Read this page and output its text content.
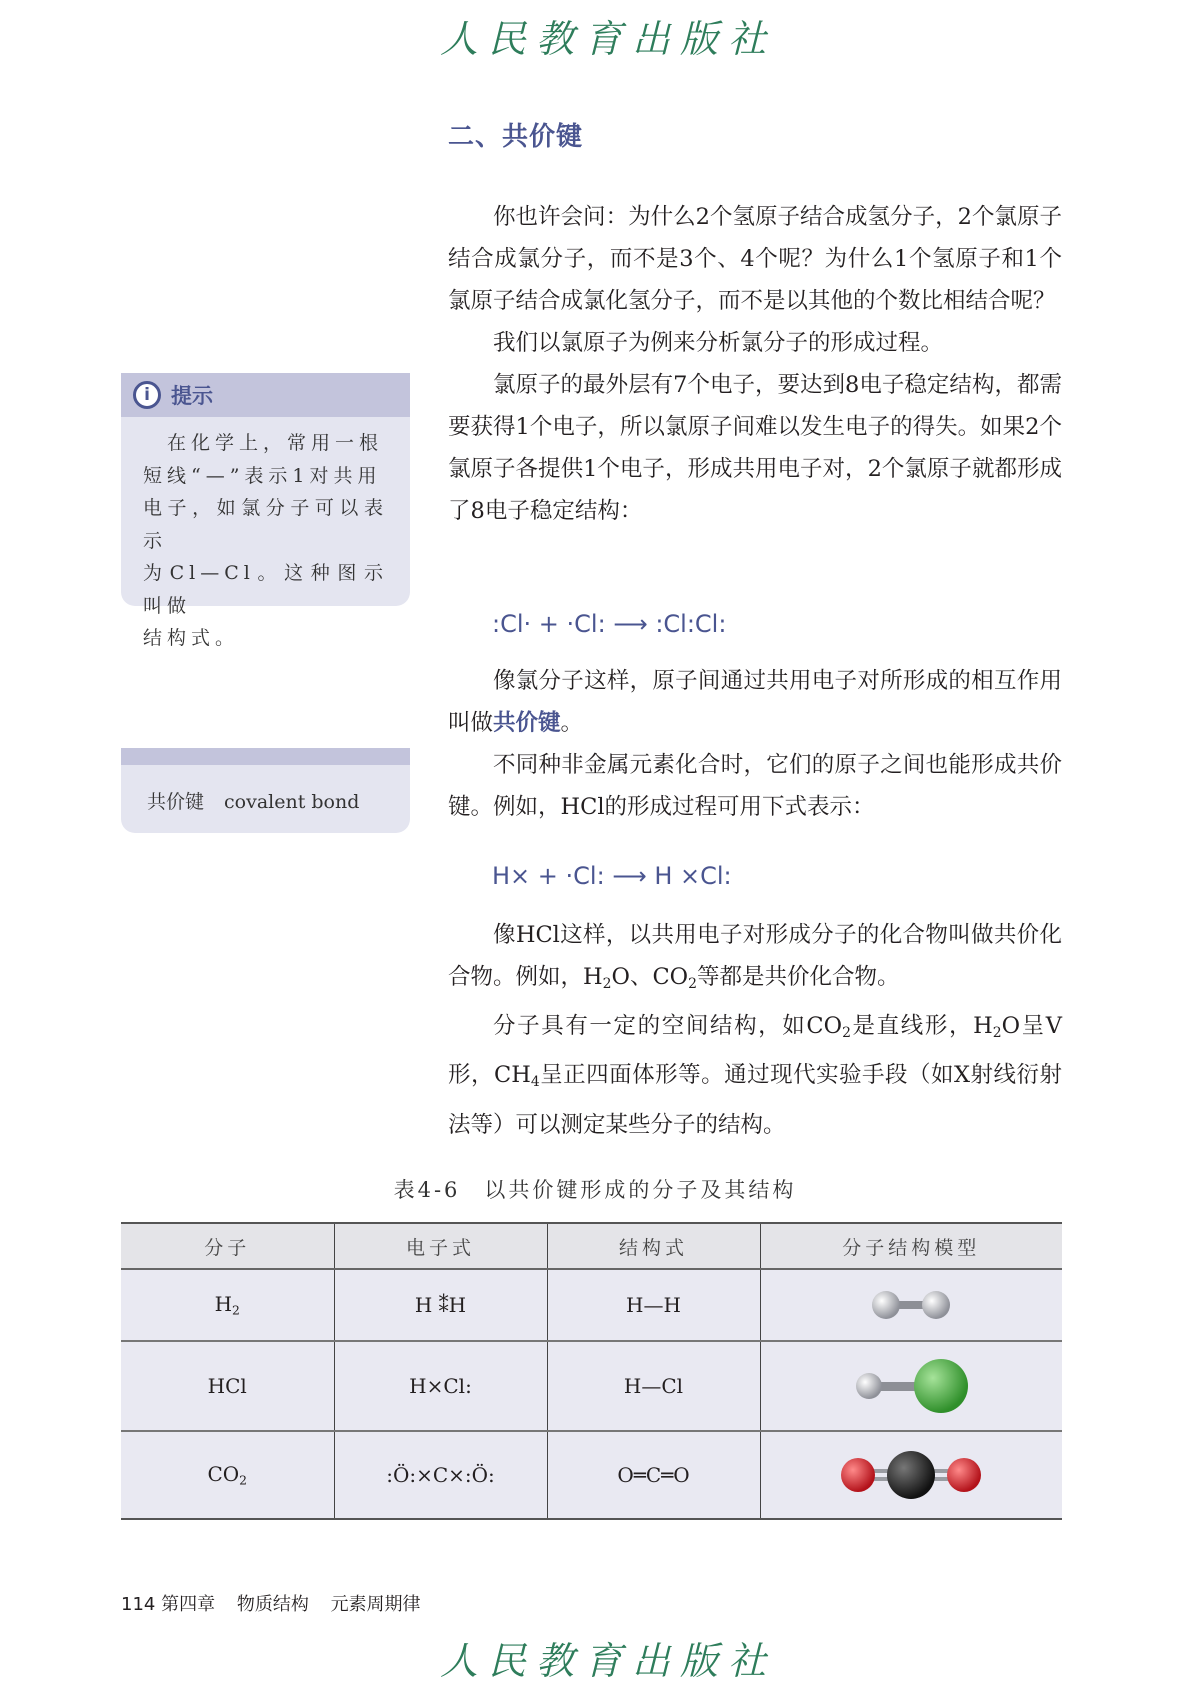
人民教育出版社
二、共价键

你也许会问：为什么2个氢原子结合成氢分子，2个氯原子结合成氯分子，而不是3个、4个呢？为什么1个氢原子和1个氯原子结合成氯化氢分子，而不是以其他的个数比相结合呢？

我们以氯原子为例来分析氯分子的形成过程。

氯原子的最外层有7个电子，要达到8电子稳定结构，都需要获得1个电子，所以氯原子间难以发生电子的得失。如果2个氯原子各提供1个电子，形成共用电子对，2个氯原子就都形成了8电子稳定结构：

:Cl· + ·Cl: ⟶ :Cl:Cl:

像氯分子这样，原子间通过共用电子对所形成的相互作用叫做共价键。

不同种非金属元素化合时，它们的原子之间也能形成共价键。例如，HCl的形成过程可用下式表示：

H× + ·Cl: ⟶ H ×Cl:

像HCl这样，以共用电子对形成分子的化合物叫做共价化合物。例如，$H_2O$、$CO_2$等都是共价化合物。

分子具有一定的空间结构，如$CO_2$是直线形，$H_2O$呈V形，$CH_4$呈正四面体形等。通过现代实验手段（如X射线衍射法等）可以测定某些分子的结构。

i	提示
　在化学上，常用一根
短线“—”表示1对共用
电子，如氯分子可以表示
为Cl—Cl。这种图示叫做
结构式。
共价键 covalent bond
表4-6　以共价键形成的分子及其结构
分子	电子式	结构式	分子结构模型
$H_2$	H ⁑H	H—H	

HCl	H×Cl:	H—Cl	

$CO_2$	:Ö:×C×:Ö:	O═C═O	
114 第四章 物质结构 元素周期律
人民教育出版社
